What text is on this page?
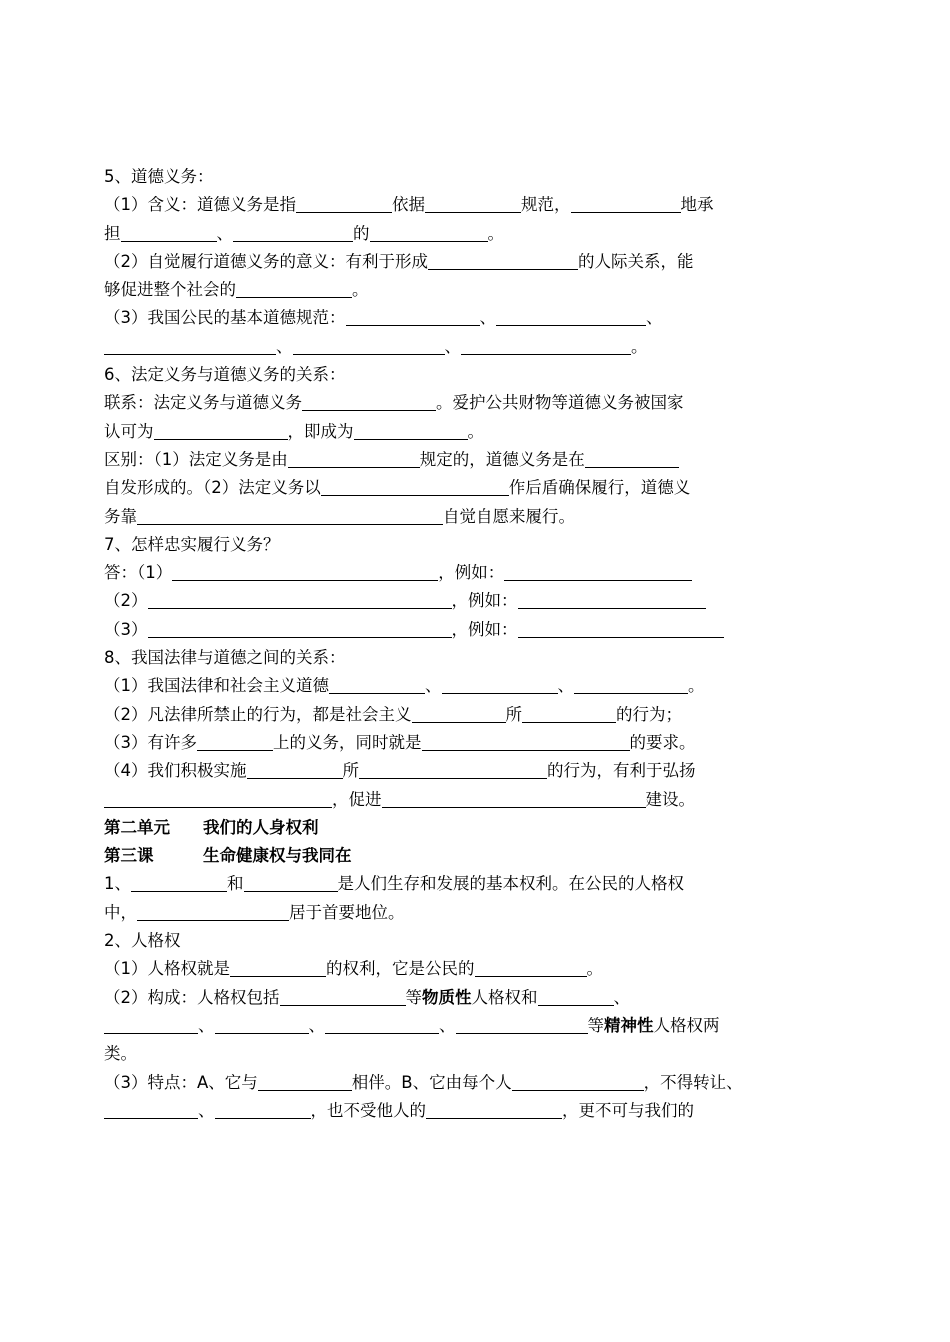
5、道德义务：
（1）含义：道德义务是指	依据	规范，	地承
担	、	的	。
（2）自觉履行道德义务的意义：有利于形成	的人际关系，能
够促进整个社会的	。
（3）我国公民的基本道德规范：	、	、
、	、	。
6、法定义务与道德义务的关系：
联系：法定义务与道德义务	。爱护公共财物等道德义务被国家
认可为	，即成为	。
区别：（1）法定义务是由	规定的，道德义务是在
自发形成的。（2）法定义务以	作后盾确保履行，道德义
务靠	自觉自愿来履行。
7、怎样忠实履行义务？
答：（1）	，例如：
（2）	，例如：
（3）	，例如：
8、我国法律与道德之间的关系：
（1）我国法律和社会主义道德	、	、	。
（2）凡法律所禁止的行为，都是社会主义	所	的行为；
（3）有许多	上的义务，同时就是	的要求。
（4）我们积极实施	所	的行为，有利于弘扬
，促进	建设。
第二单元　　我们的人身权利
第三课　　　生命健康权与我同在
1、	和	是人们生存和发展的基本权利。在公民的人格权
中，	居于首要地位。
2、人格权
（1）人格权就是	的权利，它是公民的	。
（2）构成：人格权包括	等物质性人格权和	、
、	、	、	等精神性人格权两
类。
（3）特点：A、它与	相伴。B、它由每个人	，不得转让、
、	，也不受他人的	，更不可与我们的
